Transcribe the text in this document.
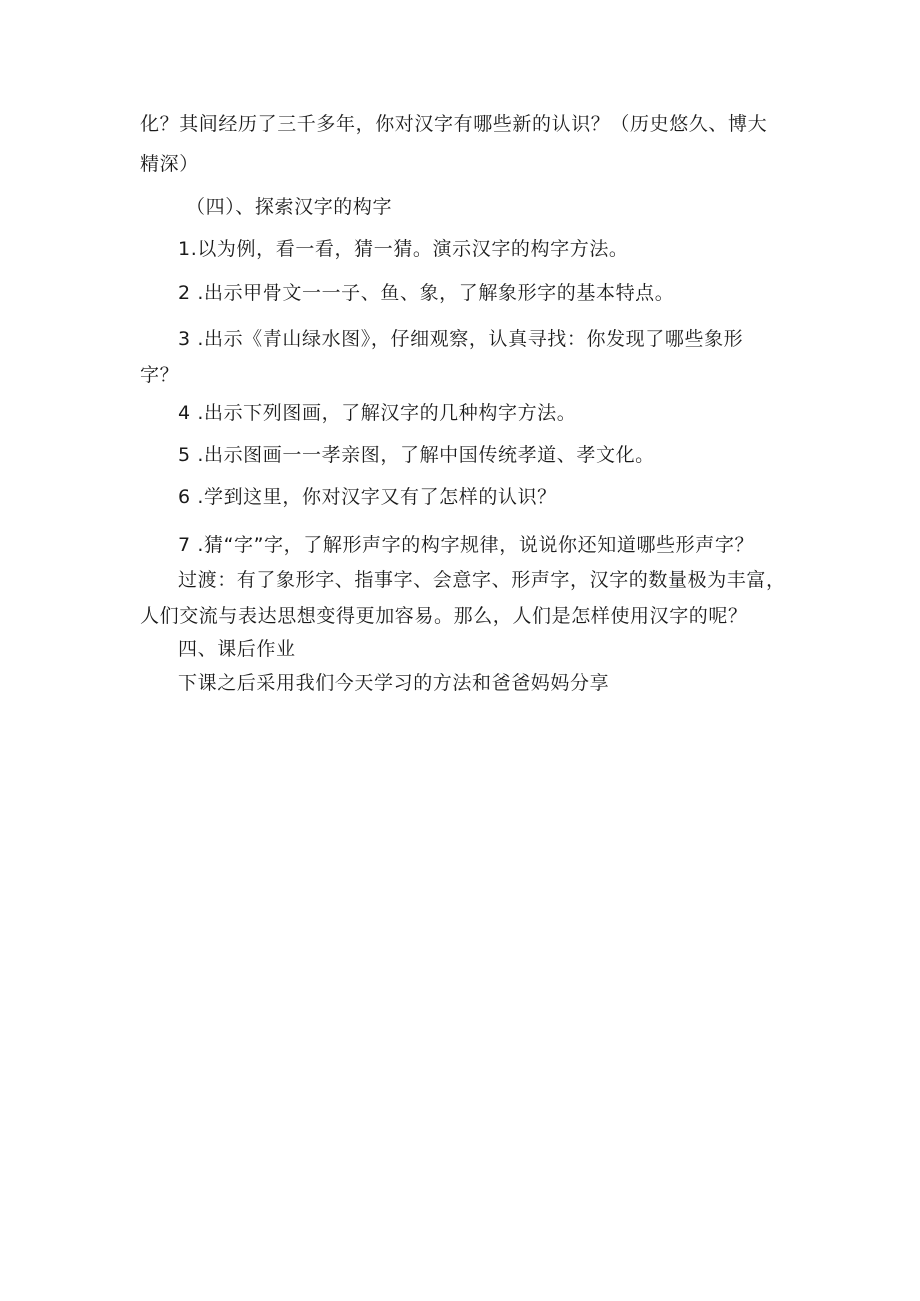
化？其间经历了三千多年，你对汉字有哪些新的认识？（历史悠久、博大
精深）
（四）、探索汉字的构字
1.以为例，看一看，猜一猜。演示汉字的构字方法。
2 .出示甲骨文一一子、鱼、象，了解象形字的基本特点。
3 .出示《青山绿水图》，仔细观察，认真寻找：你发现了哪些象形
字？
4 .出示下列图画，了解汉字的几种构字方法。
5 .出示图画一一孝亲图，了解中国传统孝道、孝文化。
6 .学到这里，你对汉字又有了怎样的认识？
7 .猜“字”字，了解形声字的构字规律，说说你还知道哪些形声字？
过渡：有了象形字、指事字、会意字、形声字，汉字的数量极为丰富，
人们交流与表达思想变得更加容易。那么，人们是怎样使用汉字的呢？
四、课后作业
下课之后采用我们今天学习的方法和爸爸妈妈分享
